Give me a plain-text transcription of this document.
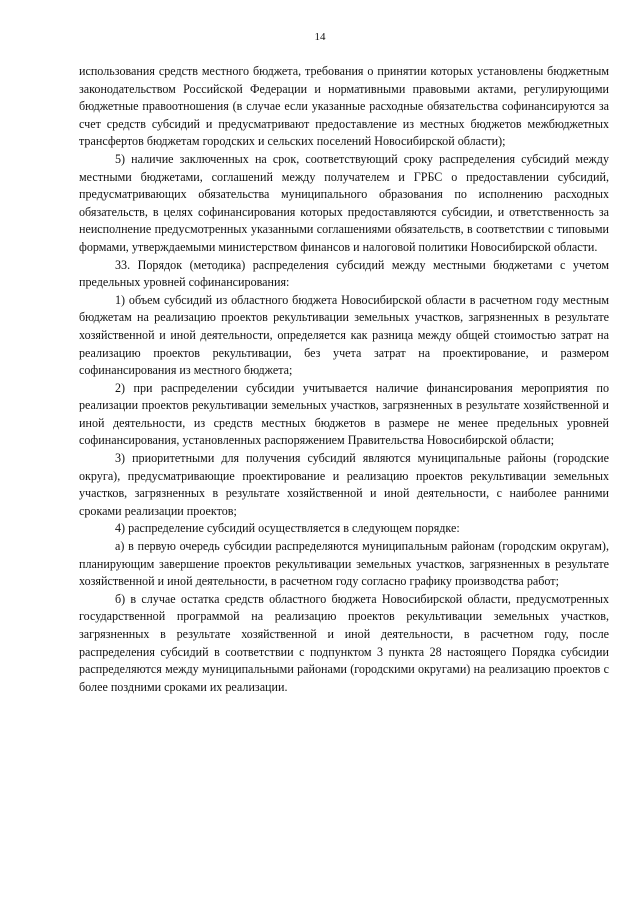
14

использования средств местного бюджета, требования о принятии которых установлены бюджетным законодательством Российской Федерации и нормативными правовыми актами, регулирующими бюджетные правоотношения (в случае если указанные расходные обязательства софинансируются за счет средств субсидий и предусматривают предоставление из местных бюджетов межбюджетных трансфертов бюджетам городских и сельских поселений Новосибирской области);

5) наличие заключенных на срок, соответствующий сроку распределения субсидий между местными бюджетами, соглашений между получателем и ГРБС о предоставлении субсидий, предусматривающих обязательства муниципального образования по исполнению расходных обязательств, в целях софинансирования которых предоставляются субсидии, и ответственность за неисполнение предусмотренных указанными соглашениями обязательств, в соответствии с типовыми формами, утверждаемыми министерством финансов и налоговой политики Новосибирской области.

33. Порядок (методика) распределения субсидий между местными бюджетами с учетом предельных уровней софинансирования:

1) объем субсидий из областного бюджета Новосибирской области в расчетном году местным бюджетам на реализацию проектов рекультивации земельных участков, загрязненных в результате хозяйственной и иной деятельности, определяется как разница между общей стоимостью затрат на реализацию проектов рекультивации, без учета затрат на проектирование, и размером софинансирования из местного бюджета;

2) при распределении субсидии учитывается наличие финансирования мероприятия по реализации проектов рекультивации земельных участков, загрязненных в результате хозяйственной и иной деятельности, из средств местных бюджетов в размере не менее предельных уровней софинансирования, установленных распоряжением Правительства Новосибирской области;

3) приоритетными для получения субсидий являются муниципальные районы (городские округа), предусматривающие проектирование и реализацию проектов рекультивации земельных участков, загрязненных в результате хозяйственной и иной деятельности, с наиболее ранними сроками реализации проектов;

4) распределение субсидий осуществляется в следующем порядке:

а) в первую очередь субсидии распределяются муниципальным районам (городским округам), планирующим завершение проектов рекультивации земельных участков, загрязненных в результате хозяйственной и иной деятельности, в расчетном году согласно графику производства работ;

б) в случае остатка средств областного бюджета Новосибирской области, предусмотренных государственной программой на реализацию проектов рекультивации земельных участков, загрязненных в результате хозяйственной и иной деятельности, в расчетном году, после распределения субсидий в соответствии с подпунктом 3 пункта 28 настоящего Порядка субсидии распределяются между муниципальными районами (городскими округами) на реализацию проектов с более поздними сроками их реализации.
